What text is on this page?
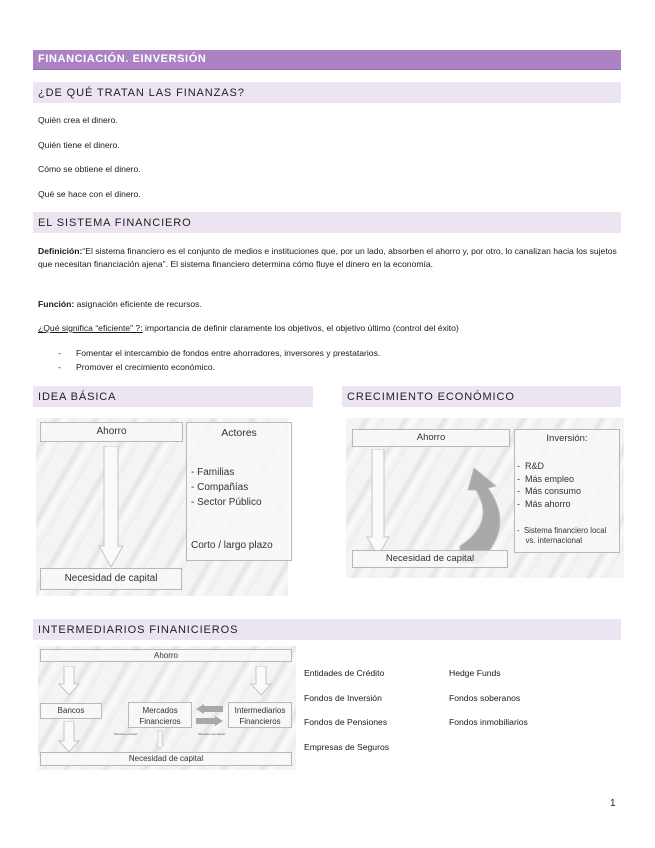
FINANCIACIÓN. EINVERSIÓN
¿DE QUÉ TRATAN LAS FINANZAS?
Quién crea el dinero.
Quién tiene el dinero.
Cómo se obtiene el dinero.
Qué se hace con el dinero.
EL SISTEMA FINANCIERO
Definición:“El sistema financiero es el conjunto de medios e instituciones que, por un lado, absorben el ahorro y, por otro, lo canalizan hacia los sujetos que necesitan financiación ajena”. El sistema financiero determina cómo fluye el dinero en la economía.
Función: asignación eficiente de recursos.
¿Qué significa “eficiente” ?: importancia de definir claramente los objetivos, el objetivo último (control del éxito)
- Fomentar el intercambio de fondos entre ahorradores, inversores y prestatarios.
- Promover el crecimiento económico.
IDEA BÁSICA
Ahorro	Actores
- Familias
- Compañías
- Sector Público
Corto / largo plazo
Necesidad de capital
CRECIMIENTO ECONÓMICO
Ahorro	Inversión:
-  R&D
-  Más empleo
-  Más consumo
-  Más ahorro
-  Sistema financiero local
vs. internacional
Necesidad de capital
INTERMEDIARIOS FINANICIEROS
Ahorro
Bancos	Mercados
Financieros
Intermediarios
Financieros
Mercado primario	Mercado secundario
Necesidad de capital
Entidades de Crédito
Fondos de Inversión
Fondos de Pensiones
Empresas de Seguros
Hedge Funds
Fondos soberanos
Fondos inmobiliarios
1
